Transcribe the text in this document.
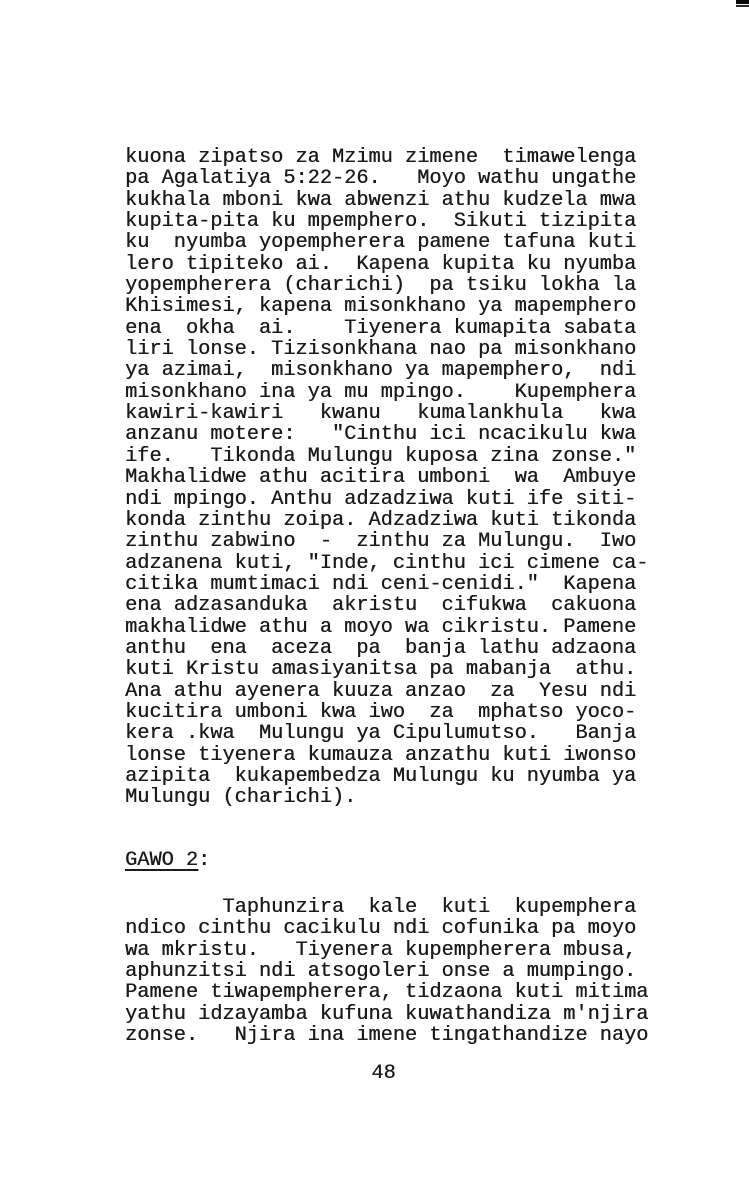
kuona zipatso za Mzimu zimene  timawelenga
pa Agalatiya 5:22-26.   Moyo wathu ungathe
kukhala mboni kwa abwenzi athu kudzela mwa
kupita-pita ku mpemphero.  Sikuti tizipita
ku  nyumba yopempherera pamene tafuna kuti
lero tipiteko ai.  Kapena kupita ku nyumba
yopempherera (charichi)  pa tsiku lokha la
Khisimesi, kapena misonkhano ya mapemphero
ena  okha  ai.    Tiyenera kumapita sabata
liri lonse. Tizisonkhana nao pa misonkhano
ya azimai,  misonkhano ya mapemphero,  ndi
misonkhano ina ya mu mpingo.    Kupemphera
kawiri-kawiri   kwanu   kumalankhula   kwa
anzanu motere:   "Cinthu ici ncacikulu kwa
ife.   Tikonda Mulungu kuposa zina zonse."
Makhalidwe athu acitira umboni  wa  Ambuye
ndi mpingo. Anthu adzadziwa kuti ife siti-
konda zinthu zoipa. Adzadziwa kuti tikonda
zinthu zabwino  -  zinthu za Mulungu.  Iwo
adzanena kuti, "Inde, cinthu ici cimene ca-
citika mumtimaci ndi ceni-cenidi."  Kapena
ena adzasanduka  akristu  cifukwa  cakuona
makhalidwe athu a moyo wa cikristu. Pamene
anthu  ena  aceza  pa  banja lathu adzaona
kuti Kristu amasiyanitsa pa mabanja  athu.
Ana athu ayenera kuuza anzao  za  Yesu ndi
kucitira umboni kwa iwo  za  mphatso yoco-
kera .kwa  Mulungu ya Cipulumutso.   Banja
lonse tiyenera kumauza anzathu kuti iwonso
azipita  kukapembedza Mulungu ku nyumba ya
Mulungu (charichi).
GAWO 2:
Taphunzira  kale  kuti  kupemphera
ndico cinthu cacikulu ndi cofunika pa moyo
wa mkristu.   Tiyenera kupempherera mbusa,
aphunzitsi ndi atsogoleri onse a mumpingo.
Pamene tiwapempherera, tidzaona kuti mitima
yathu idzayamba kufuna kuwathandiza m'njira
zonse.   Njira ina imene tingathandize nayo
48
